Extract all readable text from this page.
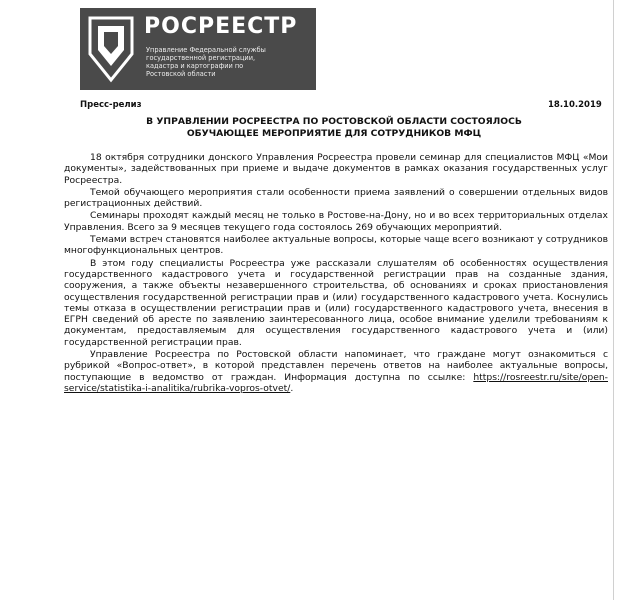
РОСРЕЕСТР
Управление Федеральной службы
государственной регистрации,
кадастра и картографии по
Ростовской области
Пресс-релиз	18.10.2019
В УПРАВЛЕНИИ РОСРЕЕСТРА ПО РОСТОВСКОЙ ОБЛАСТИ СОСТОЯЛОСЬ
ОБУЧАЮЩЕЕ МЕРОПРИЯТИЕ ДЛЯ СОТРУДНИКОВ МФЦ

18 октября сотрудники донского Управления Росреестра провели семинар для специалистов МФЦ «Мои документы», задействованных при приеме и выдаче документов в рамках оказания государственных услуг Росреестра.

Темой обучающего мероприятия стали особенности приема заявлений о совершении отдельных видов регистрационных действий.

Семинары проходят каждый месяц не только в Ростове-на-Дону, но и во всех территориальных отделах Управления. Всего за 9 месяцев текущего года состоялось 269 обучающих мероприятий.

Темами встреч становятся наиболее актуальные вопросы, которые чаще всего возникают у сотрудников многофункциональных центров.

В этом году специалисты Росреестра уже рассказали слушателям об особенностях осуществления государственного кадастрового учета и государственной регистрации прав на созданные здания, сооружения, а также объекты незавершенного строительства, об основаниях и сроках приостановления осуществления государственной регистрации прав и (или) государственного кадастрового учета. Коснулись темы отказа в осуществлении регистрации прав и (или) государственного кадастрового учета, внесения в ЕГРН сведений об аресте по заявлению заинтересованного лица, особое внимание уделили требованиям к документам, предоставляемым для осуществления государственного кадастрового учета и (или) государственной регистрации прав.

Управление Росреестра по Ростовской области напоминает, что граждане могут ознакомиться с рубрикой «Вопрос-ответ», в которой представлен перечень ответов на наиболее актуальные вопросы, поступающие в ведомство от граждан. Информация доступна по ссылке: https://rosreestr.ru/site/open-service/statistika-i-analitika/rubrika-vopros-otvet/.
